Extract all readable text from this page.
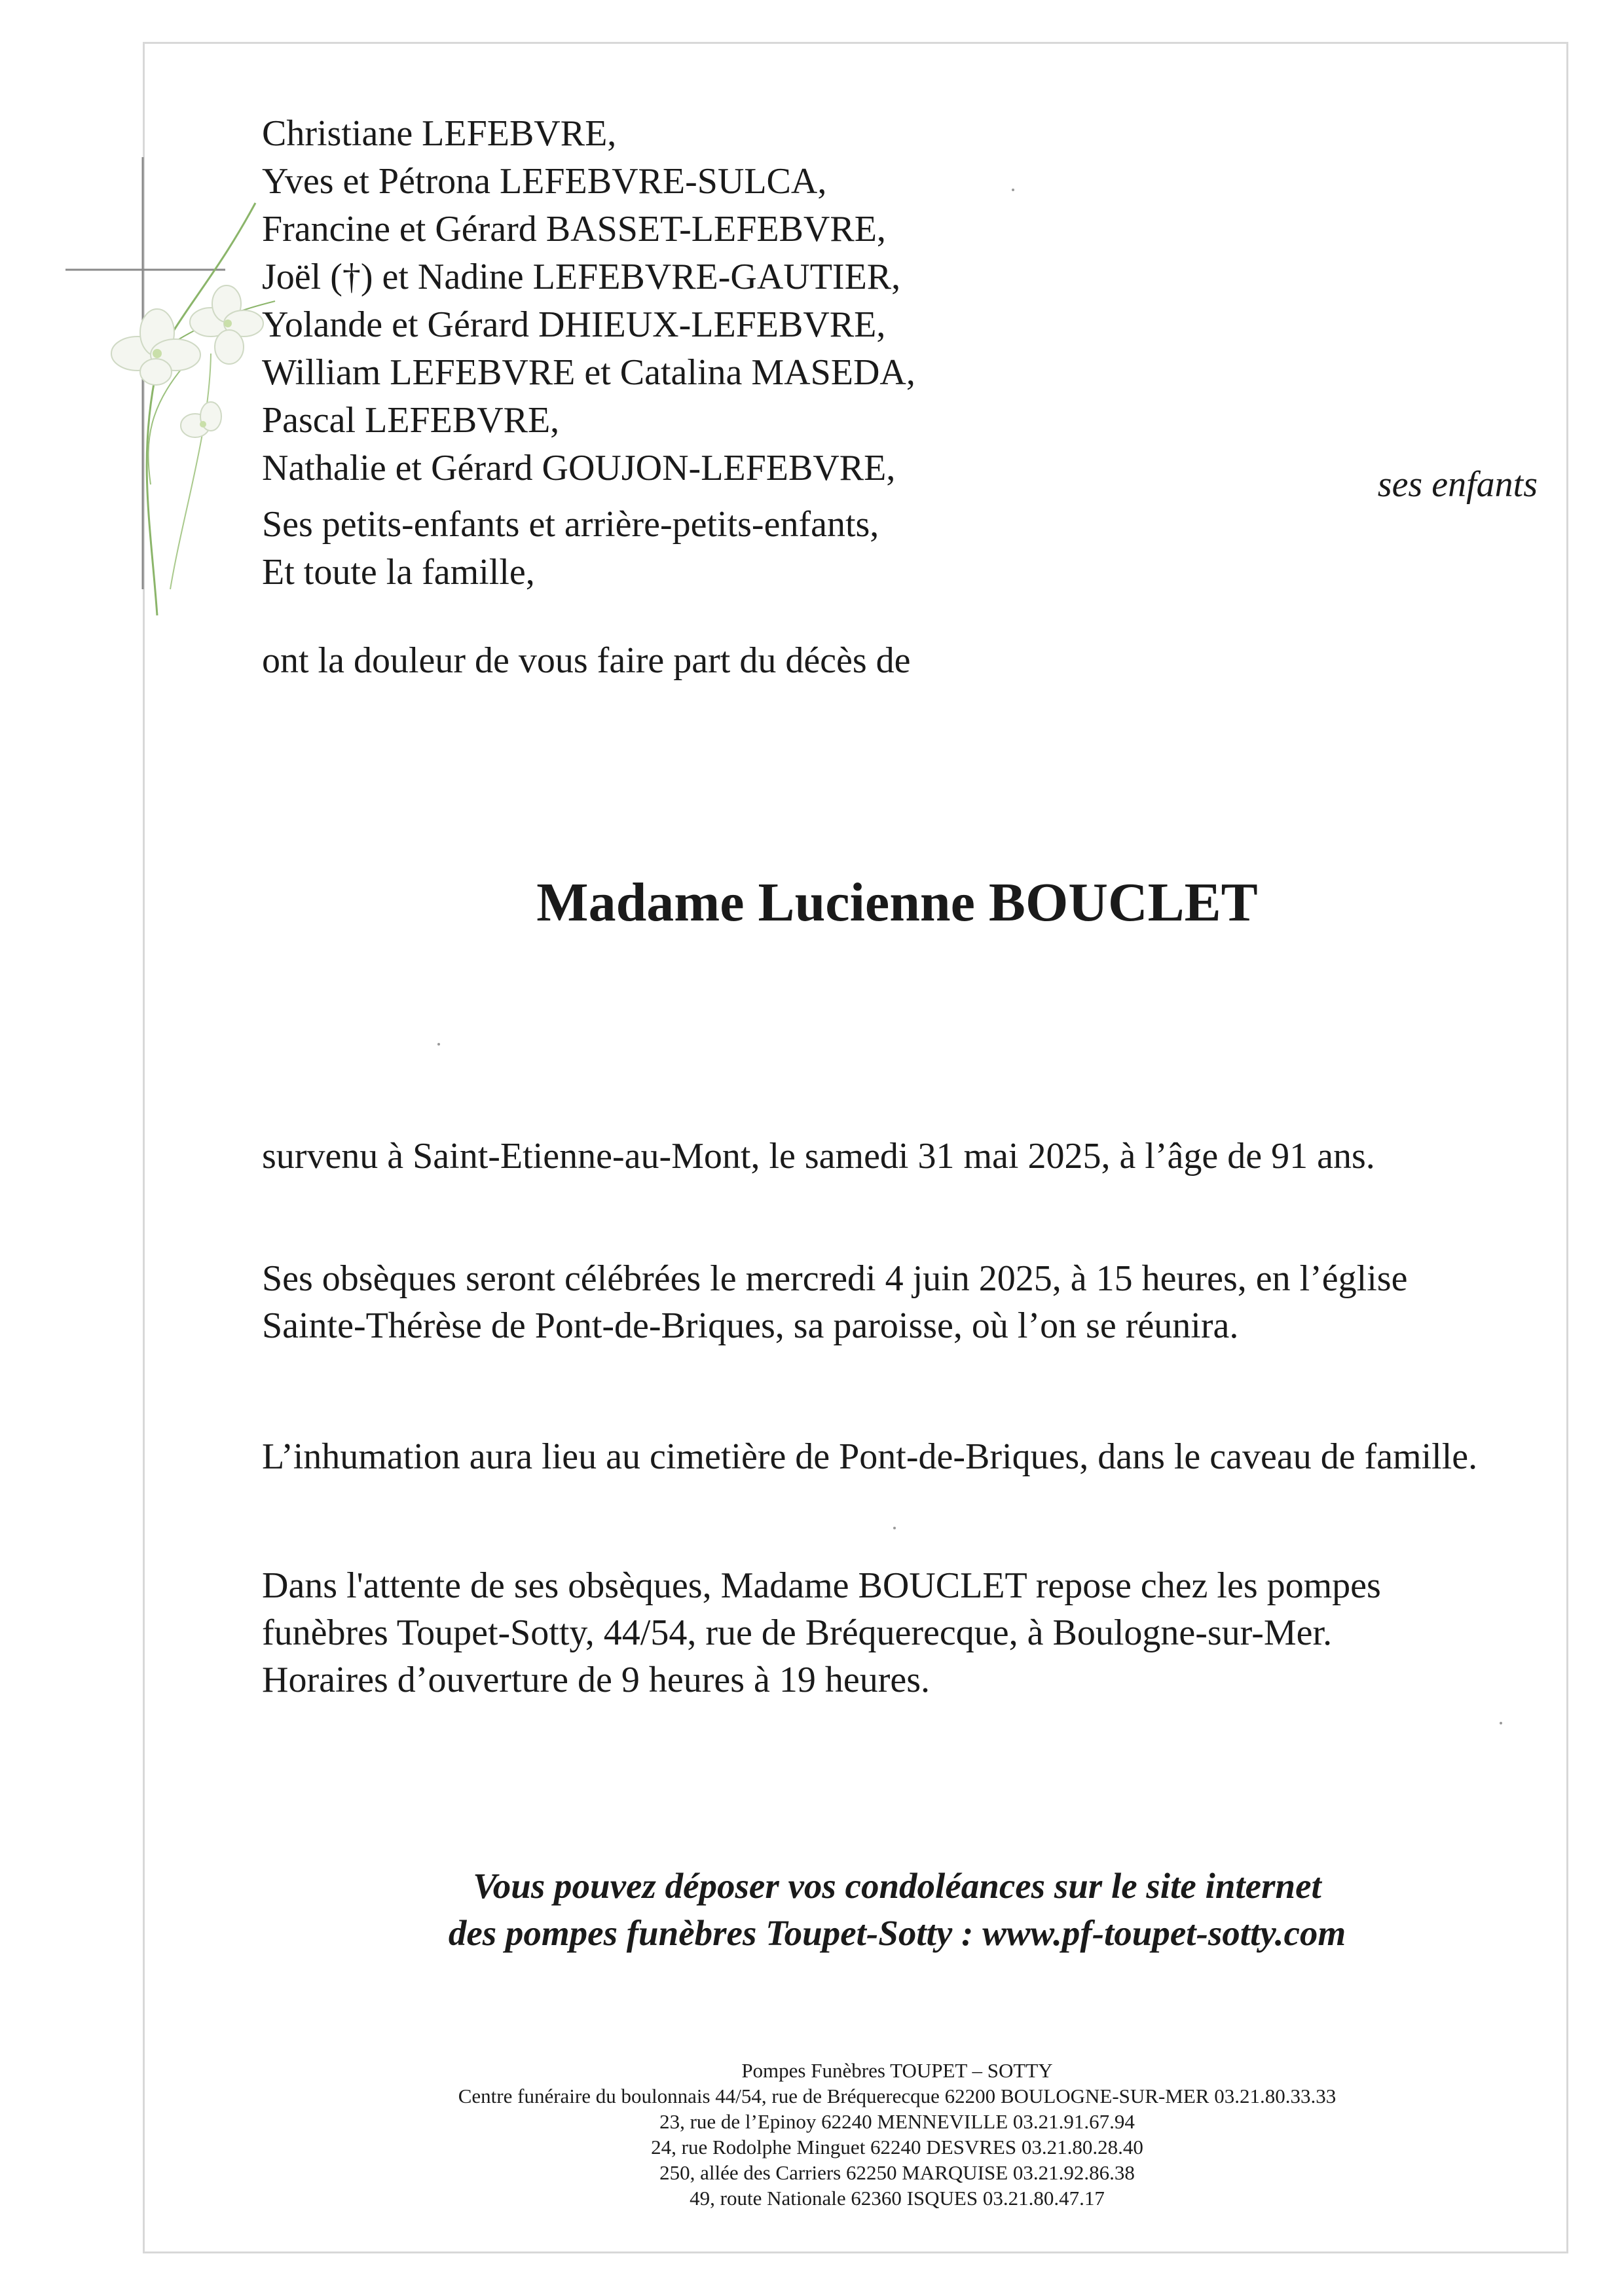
Christiane LEFEBVRE,
Yves et Pétrona LEFEBVRE-SULCA,
Francine et Gérard BASSET-LEFEBVRE,
Joël (†) et Nadine LEFEBVRE-GAUTIER,
Yolande et Gérard DHIEUX-LEFEBVRE,
William LEFEBVRE et Catalina MASEDA,
Pascal LEFEBVRE,
Nathalie et Gérard GOUJON-LEFEBVRE,	ses enfants
Ses petits-enfants et arrière-petits-enfants,
Et toute la famille,
ont la douleur de vous faire part du décès de
Madame Lucienne BOUCLET
survenu à Saint-Etienne-au-Mont, le samedi 31 mai 2025, à l’âge de 91 ans.
Ses obsèques seront célébrées le mercredi 4 juin 2025, à 15 heures, en l’église
Sainte-Thérèse de Pont-de-Briques, sa paroisse, où l’on se réunira.
L’inhumation aura lieu au cimetière de Pont-de-Briques, dans le caveau de famille.
Dans l'attente de ses obsèques, Madame BOUCLET repose chez les pompes
funèbres Toupet-Sotty, 44/54, rue de Bréquerecque, à Boulogne-sur-Mer.
Horaires d’ouverture de 9 heures à 19 heures.
Vous pouvez déposer vos condoléances sur le site internet
des pompes funèbres Toupet-Sotty : www.pf-toupet-sotty.com
Pompes Funèbres TOUPET – SOTTY
Centre funéraire du boulonnais 44/54, rue de Bréquerecque 62200 BOULOGNE-SUR-MER 03.21.80.33.33
23, rue de l’Epinoy 62240 MENNEVILLE 03.21.91.67.94
24, rue Rodolphe Minguet 62240 DESVRES 03.21.80.28.40
250, allée des Carriers 62250 MARQUISE 03.21.92.86.38
49, route Nationale 62360 ISQUES 03.21.80.47.17
